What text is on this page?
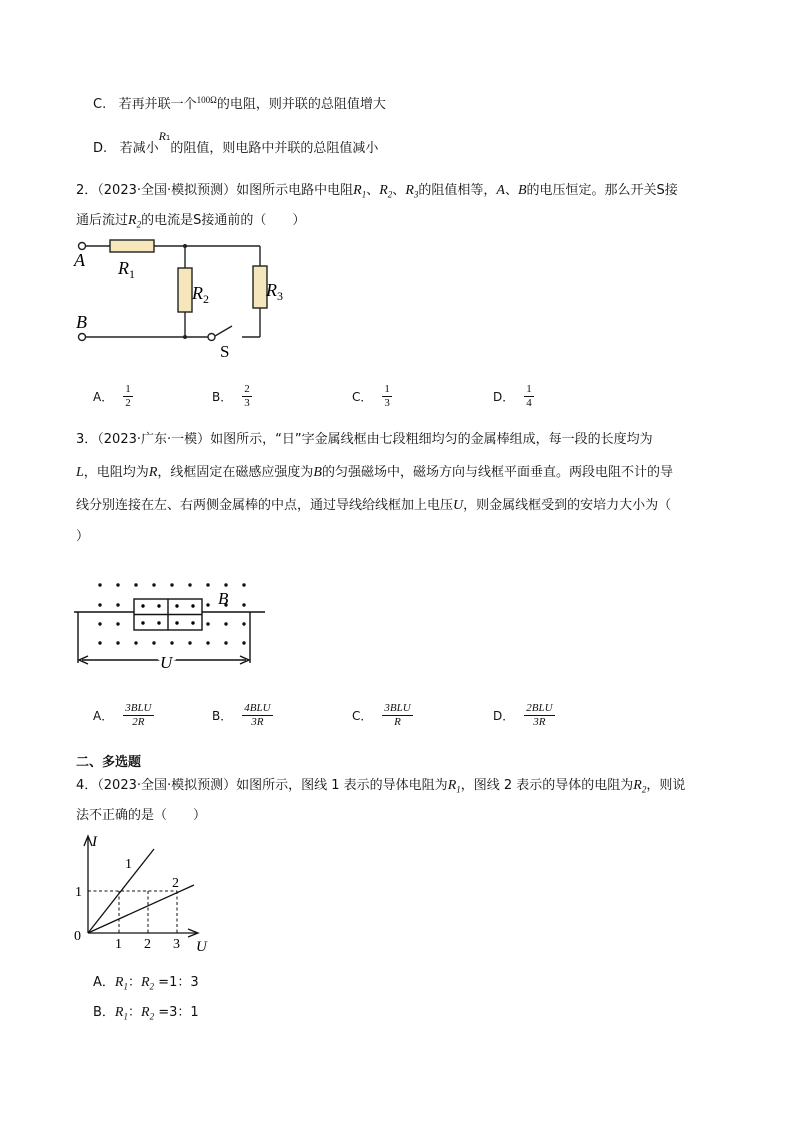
C. 若再并联一个$^{100\Omega}$的电阻，则并联的总阻值增大
D. 若减小R1的阻值，则电路中并联的总阻值减小
2．（2023·全国·模拟预测）如图所示电路中电阻$R_1$、$R_2$、$R_3$的阻值相等，A、B的电压恒定。那么开关S接
通后流过$R_2$的电流是S接通前的（　　）
A $R_1$
$R_2$	$R_3$
B
S
A． $\frac{1}{2}$	B． $\frac{2}{3}$	C． $\frac{1}{3}$	D． $\frac{1}{4}$
3．（2023·广东·一模）如图所示，“日”字金属线框由七段粗细均匀的金属棒组成，每一段的长度均为
L，电阻均为R，线框固定在磁感应强度为B的匀强磁场中，磁场方向与线框平面垂直。两段电阻不计的导
线分别连接在左、右两侧金属棒的中点，通过导线给线框加上电压U，则金属线框受到的安培力大小为（
）
B
U
A． $\frac{\text{3BLU}}{2R}$	B． $\frac{\text{4BLU}}{3R}$	C． $\frac{\text{3BLU}}{R}$	D． $\frac{\text{2BLU}}{3R}$
二、多选题
4．（2023·全国·模拟预测）如图所示，图线 1 表示的导体电阻为$R_1$，图线 2 表示的导体的电阻为$R_2$，则说
法不正确的是（　　）
I
U
0
1
1 2 3
1
2
A．$R_1$：$R_2 =1$：3
B．$R_1$：$R_2 =3$：1
